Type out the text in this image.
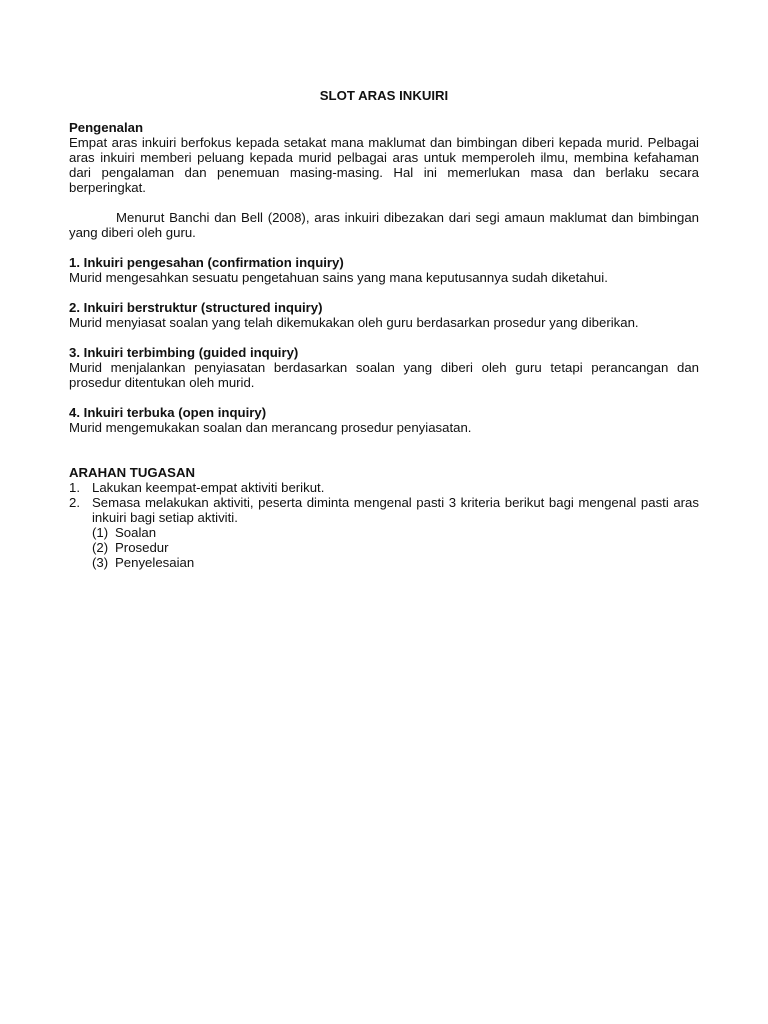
SLOT ARAS INKUIRI

Pengenalan

Empat aras inkuiri berfokus kepada setakat mana maklumat dan bimbingan diberi kepada murid. Pelbagai aras inkuiri memberi peluang kepada murid pelbagai aras untuk memperoleh ilmu, membina kefahaman dari pengalaman dan penemuan masing-masing. Hal ini memerlukan masa dan berlaku secara berperingkat.

Menurut Banchi dan Bell (2008), aras inkuiri dibezakan dari segi amaun maklumat dan bimbingan yang diberi oleh guru.

1. Inkuiri pengesahan (confirmation inquiry)

Murid mengesahkan sesuatu pengetahuan sains yang mana keputusannya sudah diketahui.

2. Inkuiri berstruktur (structured inquiry)

Murid menyiasat soalan yang telah dikemukakan oleh guru berdasarkan prosedur yang diberikan.

3. Inkuiri terbimbing (guided inquiry)

Murid menjalankan penyiasatan berdasarkan soalan yang diberi oleh guru tetapi perancangan dan prosedur ditentukan oleh murid.

4. Inkuiri terbuka (open inquiry)

Murid mengemukakan soalan dan merancang prosedur penyiasatan.

ARAHAN TUGASAN

1. Lakukan keempat-empat aktiviti berikut.
2. Semasa melakukan aktiviti, peserta diminta mengenal pasti 3 kriteria berikut bagi mengenal pasti aras inkuiri bagi setiap aktiviti.
(1) Soalan
(2) Prosedur
(3) Penyelesaian
